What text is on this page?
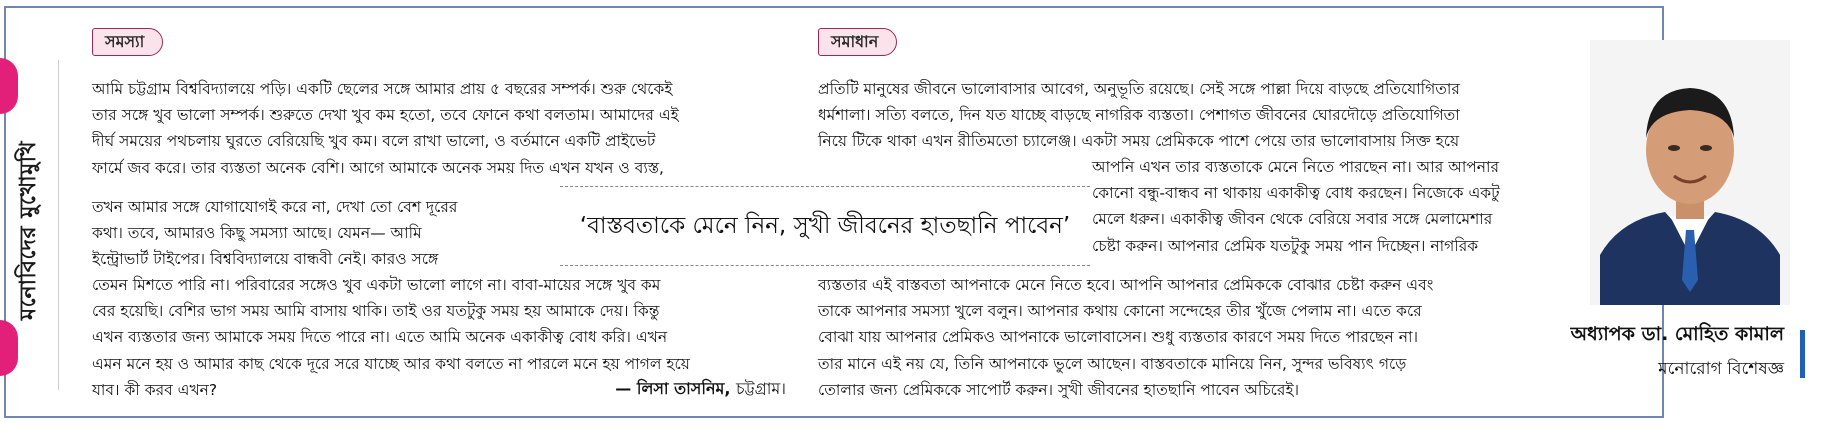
মনোবিদের মুখোমুখি
সমস্যা	সমাধান
আমি চট্টগ্রাম বিশ্ববিদ্যালয়ে পড়ি। একটি ছেলের সঙ্গে আমার প্রায় ৫ বছরের সম্পর্ক। শুরু থেকেই
তার সঙ্গে খুব ভালো সম্পর্ক। শুরুতে দেখা খুব কম হতো, তবে ফোনে কথা বলতাম। আমাদের এই
দীর্ঘ সময়ের পথচলায় ঘুরতে বেরিয়েছি খুব কম। বলে রাখা ভালো, ও বর্তমানে একটি প্রাইভেট
ফার্মে জব করে। তার ব্যস্ততা অনেক বেশি। আগে আমাকে অনেক সময় দিত এখন যখন ও ব্যস্ত,
তখন আমার সঙ্গে যোগাযোগই করে না, দেখা তো বেশ দূরের
কথা। তবে, আমারও কিছু সমস্যা আছে। যেমন— আমি
ইন্ট্রোভার্ট টাইপের। বিশ্ববিদ্যালয়ে বান্ধবী নেই। কারও সঙ্গে
তেমন মিশতে পারি না। পরিবারের সঙ্গেও খুব একটা ভালো লাগে না। বাবা-মায়ের সঙ্গে খুব কম
বের হয়েছি। বেশির ভাগ সময় আমি বাসায় থাকি। তাই ওর যতটুকু সময় হয় আমাকে দেয়। কিন্তু
এখন ব্যস্ততার জন্য আমাকে সময় দিতে পারে না। এতে আমি অনেক একাকীত্ব বোধ করি। এখন
এমন মনে হয় ও আমার কাছ থেকে দূরে সরে যাচ্ছে আর কথা বলতে না পারলে মনে হয় পাগল হয়ে
যাব। কী করব এখন?	— লিসা তাসনিম, চট্টগ্রাম।
‘বাস্তবতাকে মেনে নিন, সুখী জীবনের হাতছানি পাবেন’
প্রতিটি মানুষের জীবনে ভালোবাসার আবেগ, অনুভূতি রয়েছে। সেই সঙ্গে পাল্লা দিয়ে বাড়ছে প্রতিযোগিতার
ধর্মশালা। সত্যি বলতে, দিন যত যাচ্ছে বাড়ছে নাগরিক ব্যস্ততা। পেশাগত জীবনের ঘোরদৌড়ে প্রতিযোগিতা
নিয়ে টিকে থাকা এখন রীতিমতো চ্যালেঞ্জ। একটা সময় প্রেমিককে পাশে পেয়ে তার ভালোবাসায় সিক্ত হয়ে
আপনি এখন তার ব্যস্ততাকে মেনে নিতে পারছেন না। আর আপনার
কোনো বন্ধু-বান্ধব না থাকায় একাকীত্ব বোধ করছেন। নিজেকে একটু
মেলে ধরুন। একাকীত্ব জীবন থেকে বেরিয়ে সবার সঙ্গে মেলামেশার
চেষ্টা করুন। আপনার প্রেমিক যতটুকু সময় পান দিচ্ছেন। নাগরিক
ব্যস্ততার এই বাস্তবতা আপনাকে মেনে নিতে হবে। আপনি আপনার প্রেমিককে বোঝার চেষ্টা করুন এবং
তাকে আপনার সমস্যা খুলে বলুন। আপনার কথায় কোনো সন্দেহের তীর খুঁজে পেলাম না। এতে করে
বোঝা যায় আপনার প্রেমিকও আপনাকে ভালোবাসেন। শুধু ব্যস্ততার কারণে সময় দিতে পারছেন না।
তার মানে এই নয় যে, তিনি আপনাকে ভুলে আছেন। বাস্তবতাকে মানিয়ে নিন, সুন্দর ভবিষ্যৎ গড়ে
তোলার জন্য প্রেমিককে সাপোর্ট করুন। সুখী জীবনের হাতছানি পাবেন অচিরেই।
অধ্যাপক ডা. মোহিত কামাল
মনোরোগ বিশেষজ্ঞ
